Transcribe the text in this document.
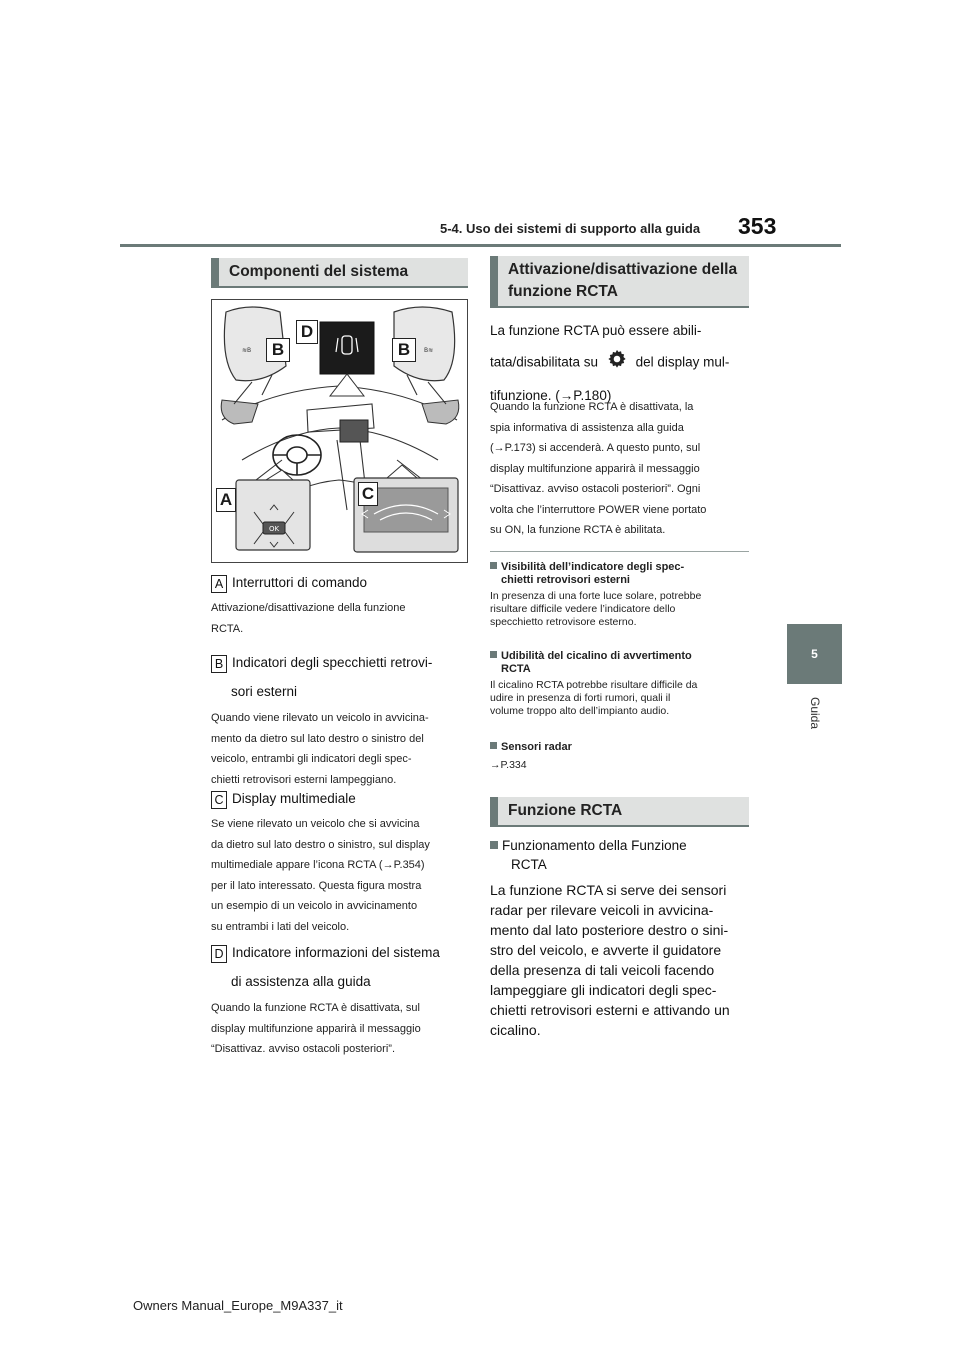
5-4. Uso dei sistemi di supporto alla guida 353
5
Guida
Componenti del sistema
≋B	B≋
OK
B	B
D
A	C
A Interruttori di comando
Attivazione/disattivazione della funzione
RCTA.
B Indicatori degli specchietti retrovi-
sori esterni
Quando viene rilevato un veicolo in avvicina-
mento da dietro sul lato destro o sinistro del
veicolo, entrambi gli indicatori degli spec-
chietti retrovisori esterni lampeggiano.
C Display multimediale
Se viene rilevato un veicolo che si avvicina
da dietro sul lato destro o sinistro, sul display
multimediale appare l’icona RCTA (→P.354)
per il lato interessato. Questa figura mostra
un esempio di un veicolo in avvicinamento
su entrambi i lati del veicolo.
D Indicatore informazioni del sistema
di assistenza alla guida
Quando la funzione RCTA è disattivata, sul
display multifunzione apparirà il messaggio
“Disattivaz. avviso ostacoli posteriori”.
Attivazione/disattivazione della
funzione RCTA
La funzione RCTA può essere abili-
tata/disabilitata su	del display mul-
tifunzione. (→P.180)
Quando la funzione RCTA è disattivata, la
spia informativa di assistenza alla guida
(→P.173) si accenderà. A questo punto, sul
display multifunzione apparirà il messaggio
“Disattivaz. avviso ostacoli posteriori”. Ogni
volta che l’interruttore POWER viene portato
su ON, la funzione RCTA è abilitata.
Visibilità dell’indicatore degli spec-
chietti retrovisori esterni
In presenza di una forte luce solare, potrebbe
risultare difficile vedere l’indicatore dello
specchietto retrovisore esterno.
Udibilità del cicalino di avvertimento
RCTA
Il cicalino RCTA potrebbe risultare difficile da
udire in presenza di forti rumori, quali il
volume troppo alto dell’impianto audio.
Sensori radar
→P.334
Funzione RCTA
Funzionamento della Funzione
RCTA
La funzione RCTA si serve dei sensori
radar per rilevare veicoli in avvicina-
mento dal lato posteriore destro o sini-
stro del veicolo, e avverte il guidatore
della presenza di tali veicoli facendo
lampeggiare gli indicatori degli spec-
chietti retrovisori esterni e attivando un
cicalino.
Owners Manual_Europe_M9A337_it
